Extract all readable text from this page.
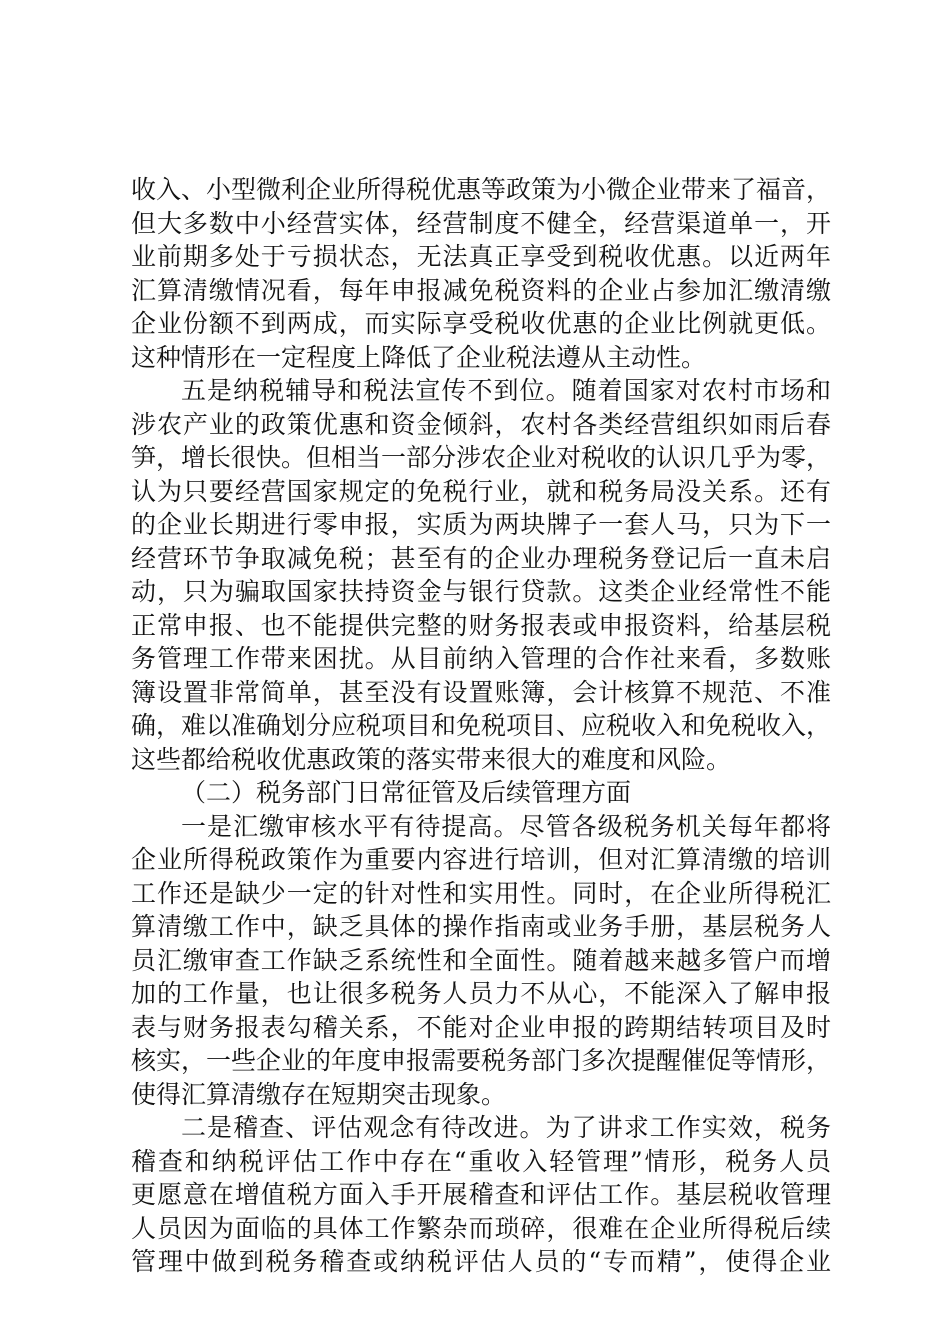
收入、小型微利企业所得税优惠等政策为小微企业带来了福音，
但大多数中小经营实体，经营制度不健全，经营渠道单一，开
业前期多处于亏损状态，无法真正享受到税收优惠。以近两年
汇算清缴情况看，每年申报减免税资料的企业占参加汇缴清缴
企业份额不到两成，而实际享受税收优惠的企业比例就更低。
这种情形在一定程度上降低了企业税法遵从主动性。
五是纳税辅导和税法宣传不到位。随着国家对农村市场和
涉农产业的政策优惠和资金倾斜，农村各类经营组织如雨后春
笋，增长很快。但相当一部分涉农企业对税收的认识几乎为零，
认为只要经营国家规定的免税行业，就和税务局没关系。还有
的企业长期进行零申报，实质为两块牌子一套人马，只为下一
经营环节争取减免税；甚至有的企业办理税务登记后一直未启
动，只为骗取国家扶持资金与银行贷款。这类企业经常性不能
正常申报、也不能提供完整的财务报表或申报资料，给基层税
务管理工作带来困扰。从目前纳入管理的合作社来看，多数账
簿设置非常简单，甚至没有设置账簿，会计核算不规范、不准
确，难以准确划分应税项目和免税项目、应税收入和免税收入，
这些都给税收优惠政策的落实带来很大的难度和风险。
（二）税务部门日常征管及后续管理方面
一是汇缴审核水平有待提高。尽管各级税务机关每年都将
企业所得税政策作为重要内容进行培训，但对汇算清缴的培训
工作还是缺少一定的针对性和实用性。同时，在企业所得税汇
算清缴工作中，缺乏具体的操作指南或业务手册，基层税务人
员汇缴审查工作缺乏系统性和全面性。随着越来越多管户而增
加的工作量，也让很多税务人员力不从心，不能深入了解申报
表与财务报表勾稽关系，不能对企业申报的跨期结转项目及时
核实，一些企业的年度申报需要税务部门多次提醒催促等情形，
使得汇算清缴存在短期突击现象。
二是稽查、评估观念有待改进。为了讲求工作实效，税务
稽查和纳税评估工作中存在“重收入轻管理”情形，税务人员
更愿意在增值税方面入手开展稽查和评估工作。基层税收管理
人员因为面临的具体工作繁杂而琐碎，很难在企业所得税后续
管理中做到税务稽查或纳税评估人员的“专而精”，使得企业
